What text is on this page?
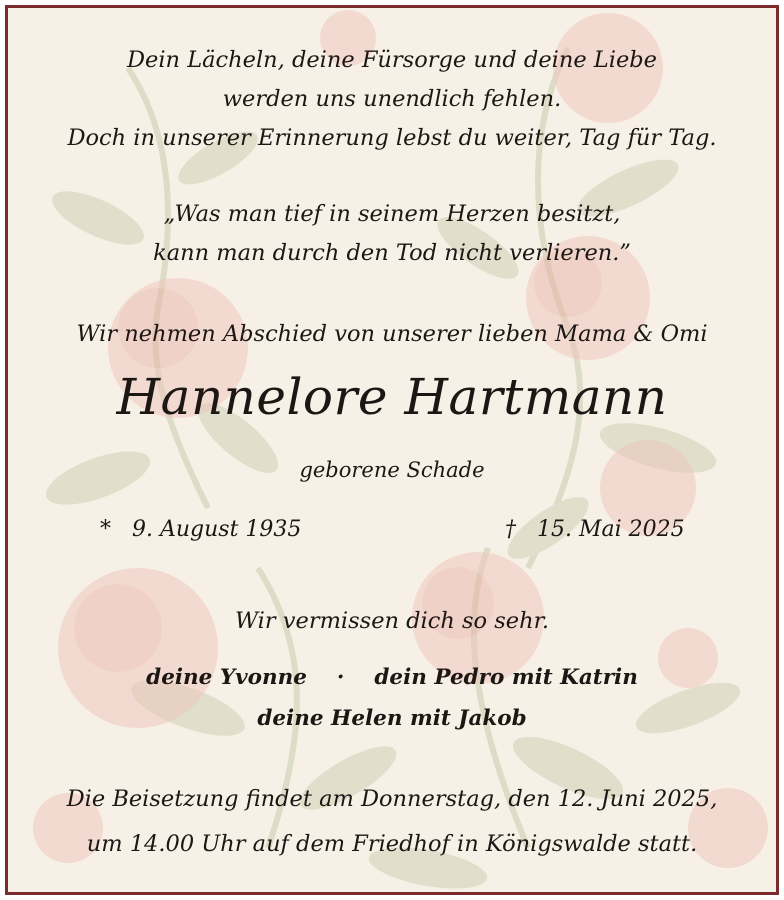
Dein Lächeln, deine Fürsorge und deine Liebe
werden uns unendlich fehlen.
Doch in unserer Erinnerung lebst du weiter, Tag für Tag.
„Was man tief in seinem Herzen besitzt,
kann man durch den Tod nicht verlieren.”
Wir nehmen Abschied von unserer lieben Mama & Omi
Hannelore Hartmann
geborene Schade
* 9. August 1935	† 15. Mai 2025
Wir vermissen dich so sehr.
deine Yvonne · dein Pedro mit Katrin
deine Helen mit Jakob
Die Beisetzung findet am Donnerstag, den 12. Juni 2025,
um 14.00 Uhr auf dem Friedhof in Königswalde statt.
